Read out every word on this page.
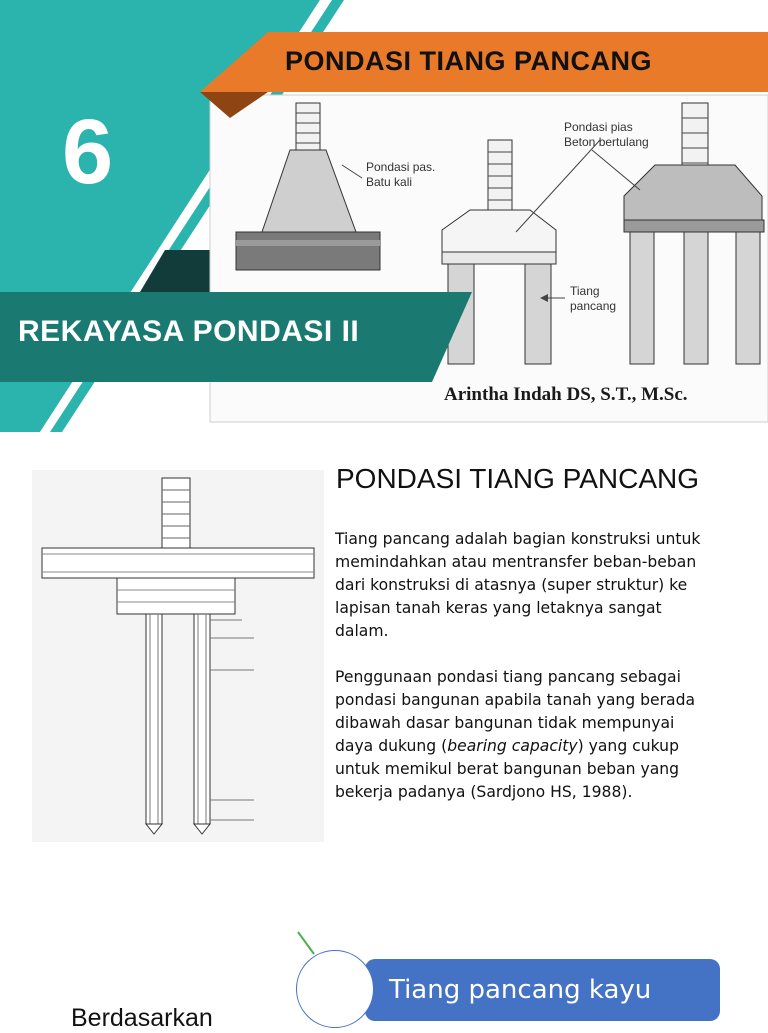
PONDASI TIANG PANCANG
6
REKAYASA PONDASI II
Arintha Indah DS, S.T., M.Sc.
Pondasi pas.
Batu kali
Pondasi pias
Beton bertulang
Tiang
pancang
PONDASI TIANG PANCANG
Tiang pancang adalah bagian konstruksi untuk memindahkan atau mentransfer beban-beban dari konstruksi di atasnya (super struktur) ke lapisan tanah keras yang letaknya sangat dalam.
Penggunaan pondasi tiang pancang sebagai pondasi bangunan apabila tanah yang berada dibawah dasar bangunan tidak mempunyai daya dukung (bearing capacity) yang cukup untuk memikul berat bangunan beban yang bekerja padanya (Sardjono HS, 1988).
Tiang pancang kayu
Berdasarkan
